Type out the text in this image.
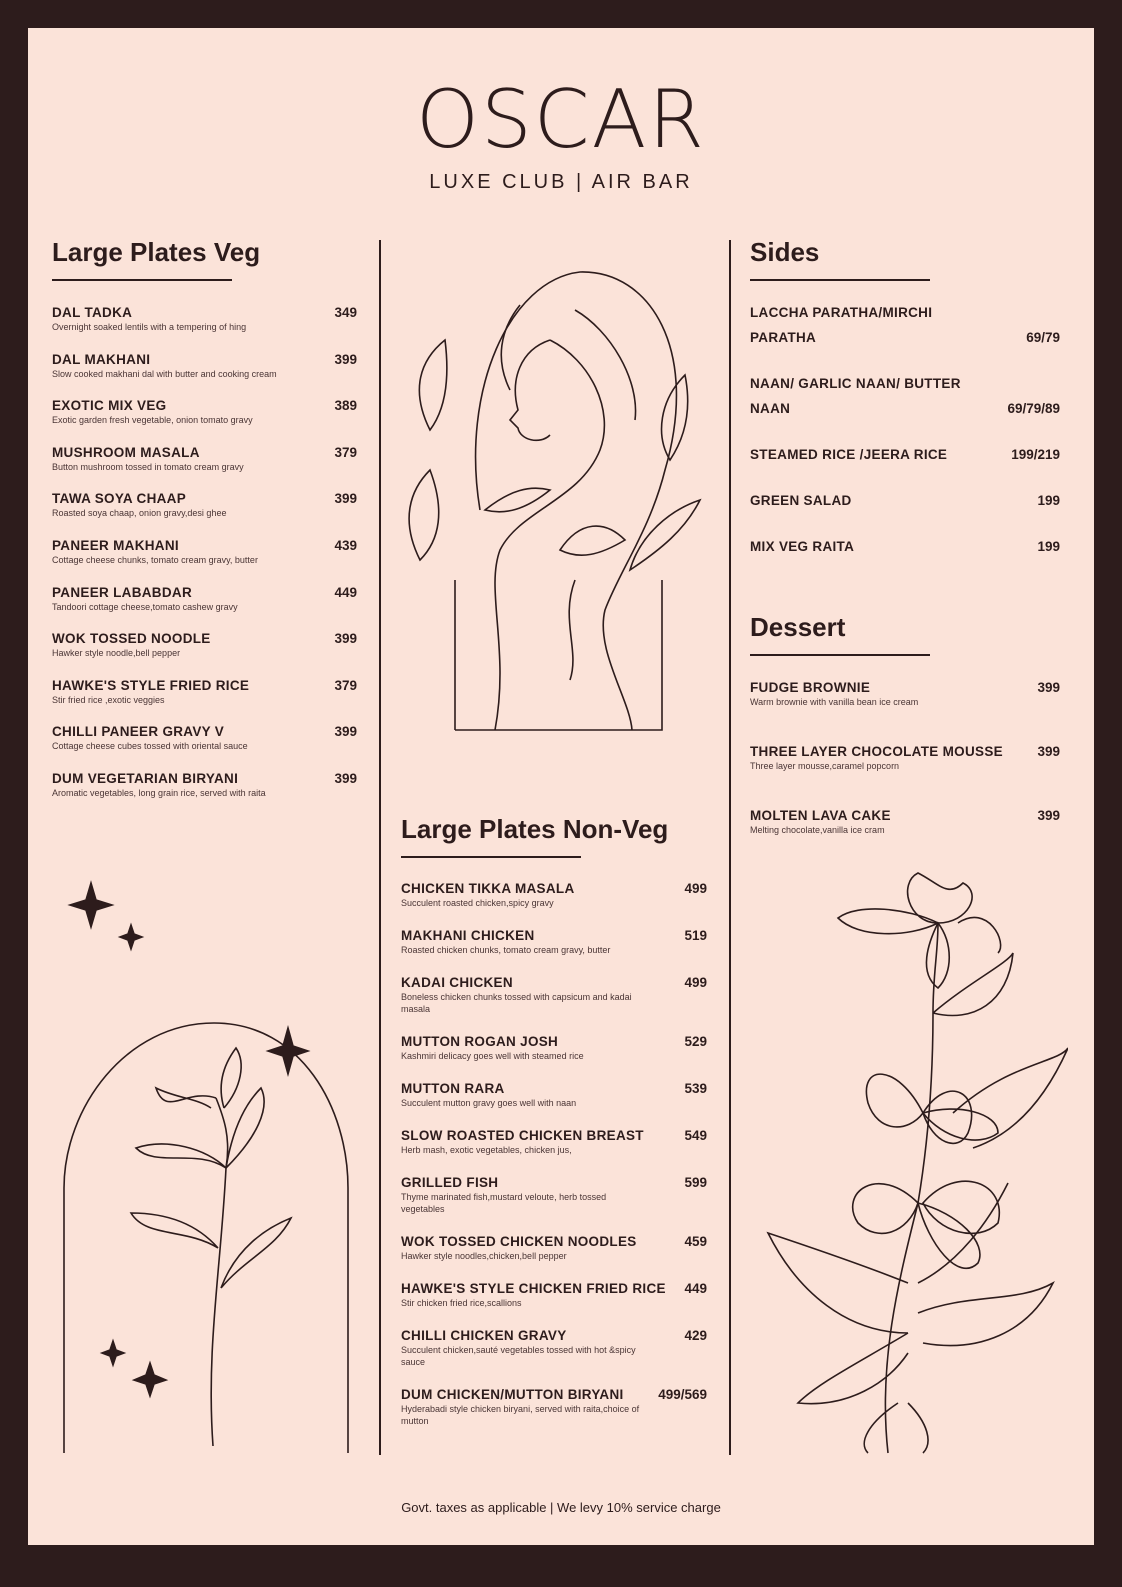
OSCAR
LUXE CLUB | AIR BAR
Large Plates Veg
DAL TADKA	349
Overnight soaked lentils with a tempering of hing
DAL MAKHANI	399
Slow cooked makhani dal with butter and cooking cream
EXOTIC MIX VEG	389
Exotic garden fresh vegetable, onion tomato gravy
MUSHROOM MASALA	379
Button mushroom tossed in tomato cream gravy
TAWA SOYA CHAAP	399
Roasted soya chaap, onion gravy,desi ghee
PANEER MAKHANI	439
Cottage cheese chunks, tomato cream gravy, butter
PANEER LABABDAR	449
Tandoori cottage cheese,tomato cashew gravy
WOK TOSSED NOODLE	399
Hawker style noodle,bell pepper
HAWKE'S STYLE FRIED RICE	379
Stir fried rice ,exotic veggies
CHILLI PANEER GRAVY V	399
Cottage cheese cubes tossed with oriental sauce
DUM VEGETARIAN BIRYANI	399
Aromatic vegetables, long grain rice, served with raita
Large Plates Non-Veg
CHICKEN TIKKA MASALA	499
Succulent roasted chicken,spicy gravy
MAKHANI CHICKEN	519
Roasted chicken chunks, tomato cream gravy, butter
KADAI CHICKEN	499
Boneless chicken chunks tossed with capsicum and kadai masala
MUTTON ROGAN JOSH	529
Kashmiri delicacy goes well with steamed rice
MUTTON RARA	539
Succulent mutton gravy goes well with naan
SLOW ROASTED CHICKEN BREAST	549
Herb mash, exotic vegetables, chicken jus,
GRILLED FISH	599
Thyme marinated fish,mustard veloute, herb tossed vegetables
WOK TOSSED CHICKEN NOODLES	459
Hawker style noodles,chicken,bell pepper
HAWKE'S STYLE CHICKEN FRIED RICE 449
Stir chicken fried rice,scallions
CHILLI CHICKEN GRAVY	429
Succulent chicken,sauté vegetables tossed with hot &spicy sauce
DUM CHICKEN/MUTTON BIRYANI	499/569
Hyderabadi style chicken biryani, served with raita,choice of mutton
Sides
LACCHA PARATHA/MIRCHI PARATHA	69/79
NAAN/ GARLIC NAAN/ BUTTER NAAN	69/79/89
STEAMED RICE /JEERA RICE	199/219
GREEN SALAD	199
MIX VEG RAITA	199
Dessert
FUDGE BROWNIE	399
Warm brownie with vanilla bean ice cream
THREE LAYER CHOCOLATE MOUSSE	399
Three layer mousse,caramel popcorn
MOLTEN LAVA CAKE	399
Melting chocolate,vanilla ice cram
Govt. taxes as applicable | We levy 10% service charge
